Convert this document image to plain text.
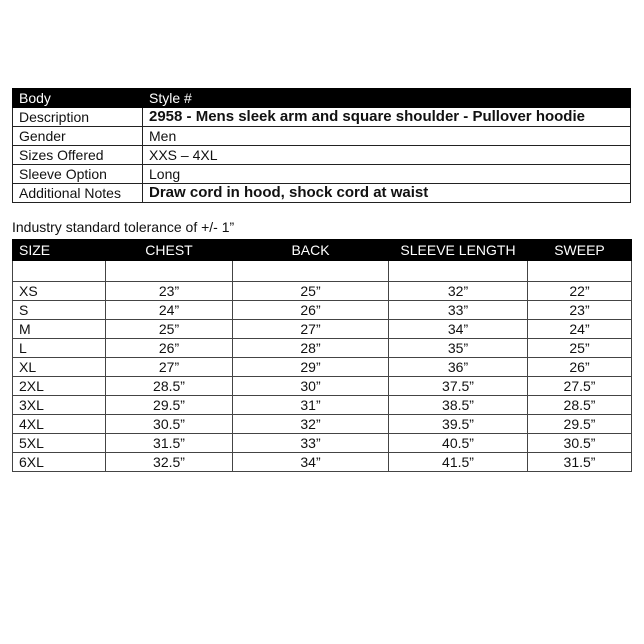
Body	Style #
Description	2958 - Mens sleek arm and square shoulder - Pullover hoodie
Gender	Men
Sizes Offered	XXS – 4XL
Sleeve Option	Long
Additional Notes	Draw cord in hood, shock cord at waist

Industry standard tolerance of +/- 1”

SIZE	CHEST	BACK	SLEEVE LENGTH	SWEEP

XS	23”	25”	32”	22”
S	24”	26”	33”	23”
M	25”	27”	34”	24”
L	26”	28”	35”	25”
XL	27”	29”	36”	26”
2XL	28.5”	30”	37.5”	27.5”
3XL	29.5”	31”	38.5”	28.5”
4XL	30.5”	32”	39.5”	29.5”
5XL	31.5”	33”	40.5”	30.5”
6XL	32.5”	34”	41.5”	31.5”
